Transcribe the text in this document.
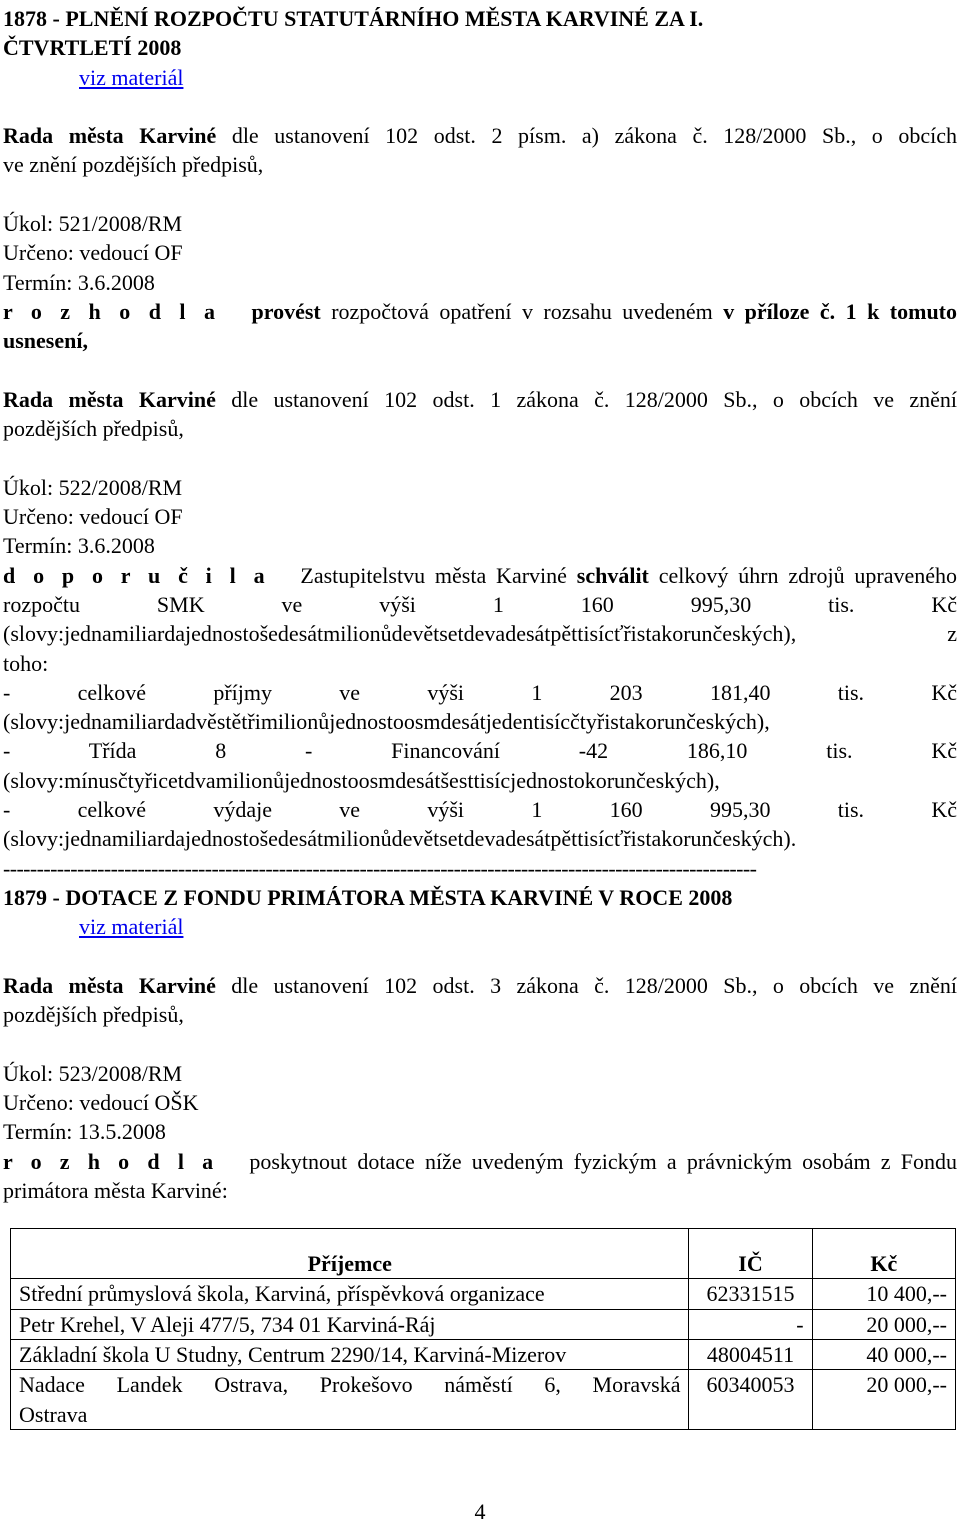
1878 - PLNĚNÍ ROZPOČTU STATUTÁRNÍHO MĚSTA KARVINÉ ZA I.
ČTVRTLETÍ 2008

viz materiál

Rada města Karviné dle ustanovení 102 odst. 2 písm. a) zákona č. 128/2000 Sb., o obcích

ve znění pozdějších předpisů,

Úkol: 521/2008/RM

Určeno: vedoucí OF

Termín: 3.6.2008

r o z h o d l a provést rozpočtová opatření v rozsahu uvedeném v příloze č. 1 k tomuto

usnesení,

Rada města Karviné dle ustanovení 102 odst. 1 zákona č. 128/2000 Sb., o obcích ve znění

pozdějších předpisů,

Úkol: 522/2008/RM

Určeno: vedoucí OF

Termín: 3.6.2008

d o p o r u č i l a Zastupitelstvu města Karviné schválit celkový úhrn zdrojů upraveného

rozpočtu SMK ve výši 1 160 995,30 tis. Kč

(slovy:jednamiliardajednostošedesátmilionůdevětsetdevadesátpěttisícťřistakorunčeských), z

toho:

- celkové příjmy ve výši 1 203 181,40 tis. Kč

(slovy:jednamiliardadvěstětřimilionůjednostoosmdesátjedentisícčtyřistakorunčeských),

- Třída 8 - Financování -42 186,10 tis. Kč

(slovy:mínusčtyřicetdvamilionůjednostoosmdesátšesttisícjednostokorunčeských),

- celkové výdaje ve výši 1 160 995,30 tis. Kč

(slovy:jednamiliardajednostošedesátmilionůdevětsetdevadesátpěttisícťřistakorunčeských).

----------------------------------------------------------------------------------------------------------------

1879 - DOTACE Z FONDU PRIMÁTORA MĚSTA KARVINÉ V ROCE 2008

viz materiál

Rada města Karviné dle ustanovení 102 odst. 3 zákona č. 128/2000 Sb., o obcích ve znění

pozdějších předpisů,

Úkol: 523/2008/RM

Určeno: vedoucí OŠK

Termín: 13.5.2008

r o z h o d l a poskytnout dotace níže uvedeným fyzickým a právnickým osobám z Fondu

primátora města Karviné:

Příjemce	IČ	Kč
Střední průmyslová škola, Karviná, příspěvková organizace	62331515	10 400,--
Petr Krehel, V Aleji 477/5, 734 01 Karviná-Ráj	-	20 000,--
Základní škola U Studny, Centrum 2290/14, Karviná-Mizerov	48004511	40 000,--

Nadace Landek Ostrava, Prokešovo náměstí 6, Moravská
Ostrava	60340053	20 000,--
4
